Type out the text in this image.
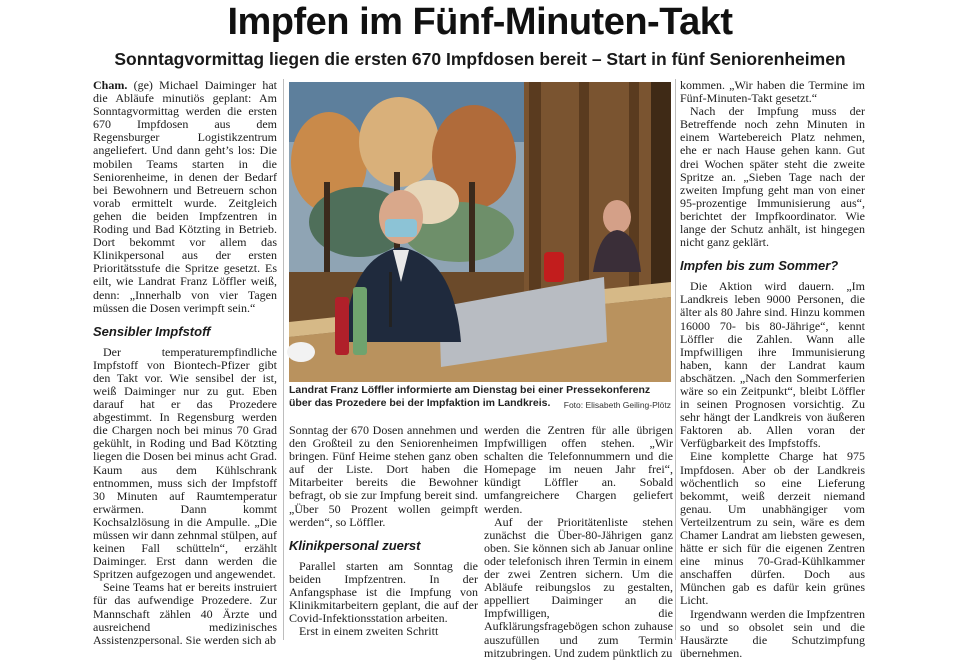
Impfen im Fünf-Minuten-Takt
Sonntagvormittag liegen die ersten 670 Impfdosen bereit – Start in fünf Seniorenheimen

Cham. (ge) Michael Daiminger hat die Abläufe minutiös geplant: Am Sonntagvormittag werden die ersten 670 Impfdosen aus dem Regensburger Logistikzentrum angeliefert. Und dann geht’s los: Die mobilen Teams starten in die Seniorenheime, in denen der Bedarf bei Bewohnern und Betreuern schon vorab ermittelt wurde. Zeitgleich gehen die beiden Impfzentren in Roding und Bad Kötzting in Betrieb. Dort bekommt vor allem das Klinikpersonal aus der ersten Prioritätsstufe die Spritze gesetzt. Es eilt, wie Landrat Franz Löffler weiß, denn: „Innerhalb von vier Tagen müssen die Dosen verimpft sein.“

Sensibler Impfstoff

Der temperaturempfindliche Impfstoff von Biontech-Pfizer gibt den Takt vor. Wie sensibel der ist, weiß Daiminger nur zu gut. Eben darauf hat er das Prozedere abgestimmt. In Regensburg werden die Chargen noch bei minus 70 Grad gekühlt, in Roding und Bad Kötzting liegen die Dosen bei minus acht Grad. Kaum aus dem Kühlschrank entnommen, muss sich der Impfstoff 30 Minuten auf Raumtemperatur erwärmen. Dann kommt Kochsalzlösung in die Ampulle. „Die müssen wir dann zehnmal stülpen, auf keinen Fall schütteln“, erzählt Daiminger. Erst dann werden die Spritzen aufgezogen und angewendet.

Seine Teams hat er bereits instruiert für das aufwendige Prozedere. Zur Mannschaft zählen 40 Ärzte und ausreichend medizinisches Assistenzpersonal. Sie werden sich ab

Landrat Franz Löffler informierte am Dienstag bei einer Pressekonferenz über das Prozedere bei der Impfaktion im Landkreis.	Foto: Elisabeth Geiling-Plötz

Sonntag der 670 Dosen annehmen und den Großteil zu den Seniorenheimen bringen. Fünf Heime stehen ganz oben auf der Liste. Dort haben die Mitarbeiter bereits die Bewohner befragt, ob sie zur Impfung bereit sind. „Über 50 Prozent wollen geimpft werden“, so Löffler.

Klinikpersonal zuerst

Parallel starten am Sonntag die beiden Impfzentren. In der Anfangsphase ist die Impfung von Klinikmitarbeitern geplant, die auf der Covid-Infektionsstation arbeiten.

Erst in einem zweiten Schritt

werden die Zentren für alle übrigen Impfwilligen offen stehen. „Wir schalten die Telefonnummern und die Homepage im neuen Jahr frei“, kündigt Löffler an. Sobald umfangreichere Chargen geliefert werden.

Auf der Prioritätenliste stehen zunächst die Über-80-Jährigen ganz oben. Sie können sich ab Januar online oder telefonisch ihren Termin in einem der zwei Zentren sichern. Um die Abläufe reibungslos zu gestalten, appelliert Daiminger an die Impfwilligen, die Aufklärungsfragebögen schon zuhause auszufüllen und zum Termin mitzubringen. Und zudem pünktlich zu

kommen. „Wir haben die Termine im Fünf-Minuten-Takt gesetzt.“

Nach der Impfung muss der Betreffende noch zehn Minuten in einem Wartebereich Platz nehmen, ehe er nach Hause gehen kann. Gut drei Wochen später steht die zweite Spritze an. „Sieben Tage nach der zweiten Impfung geht man von einer 95-prozentige Immunisierung aus“, berichtet der Impfkoordinator. Wie lange der Schutz anhält, ist hingegen nicht ganz geklärt.

Impfen bis zum Sommer?

Die Aktion wird dauern. „Im Landkreis leben 9000 Personen, die älter als 80 Jahre sind. Hinzu kommen 16000 70- bis 80-Jährige“, kennt Löffler die Zahlen. Wann alle Impfwilligen ihre Immunisierung haben, kann der Landrat kaum abschätzen. „Nach den Sommerferien wäre so ein Zeitpunkt“, bleibt Löffler in seinen Prognosen vorsichtig. Zu sehr hängt der Landkreis von äußeren Faktoren ab. Allen voran der Verfügbarkeit des Impfstoffs.

Eine komplette Charge hat 975 Impfdosen. Aber ob der Landkreis wöchentlich so eine Lieferung bekommt, weiß derzeit niemand genau. Um unabhängiger vom Verteilzentrum zu sein, wäre es dem Chamer Landrat am liebsten gewesen, hätte er sich für die eigenen Zentren eine minus 70-Grad-Kühlkammer anschaffen dürfen. Doch aus München gab es dafür kein grünes Licht.

Irgendwann werden die Impfzentren so und so obsolet sein und die Hausärzte die Schutzimpfung übernehmen.
